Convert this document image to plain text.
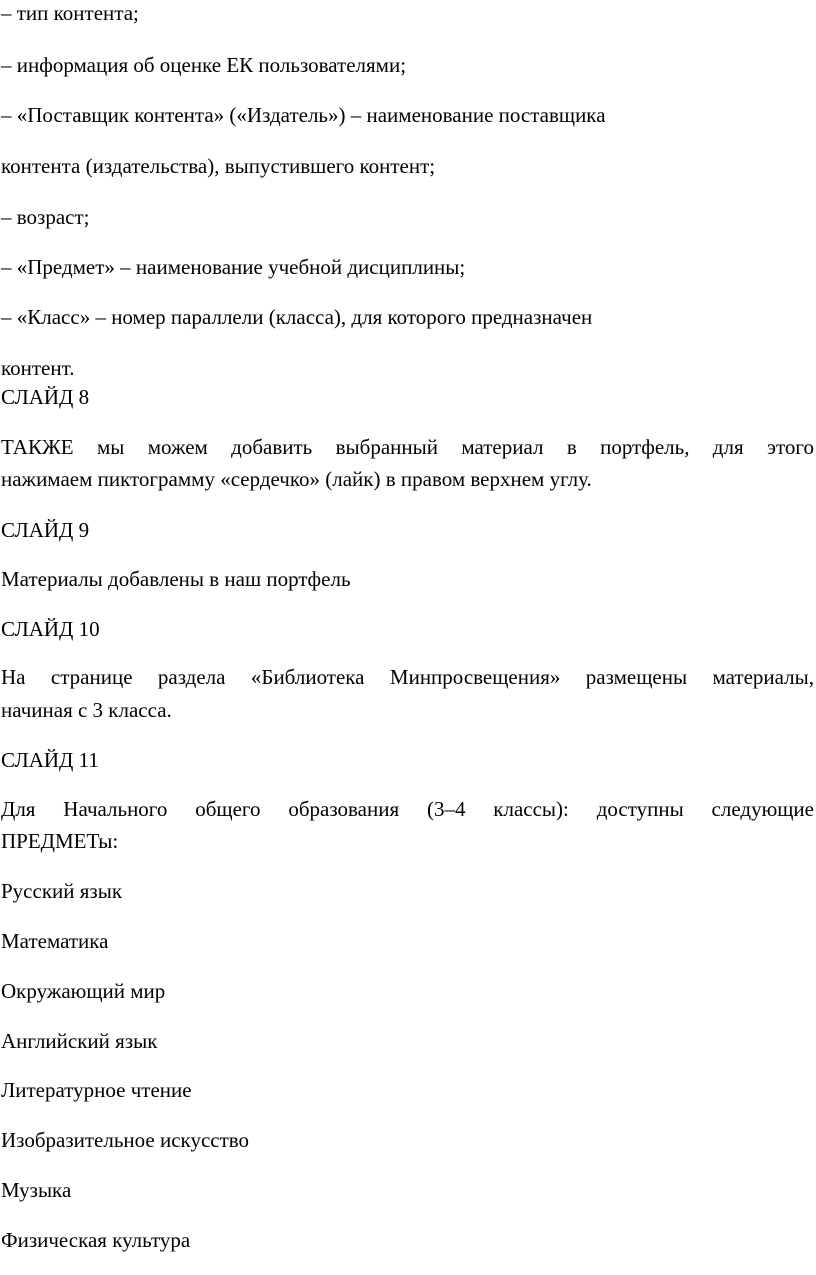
– тип контента;
– информация об оценке ЕК пользователями;
– «Поставщик контента» («Издатель») – наименование поставщика
контента (издательства), выпустившего контент;
– возраст;
– «Предмет» – наименование учебной дисциплины;
– «Класс» – номер параллели (класса), для которого предназначен
контент.
СЛАЙД 8
ТАКЖЕ мы можем добавить выбранный материал в портфель, для этого
нажимаем пиктограмму «сердечко» (лайк) в правом верхнем углу.
СЛАЙД 9
Материалы добавлены в наш портфель
СЛАЙД 10
На странице раздела «Библиотека Минпросвещения» размещены материалы,
начиная с 3 класса.
СЛАЙД 11
Для Начального общего образования (3–4 классы): доступны следующие
ПРЕДМЕТы:
Русский язык
Математика
Окружающий мир
Английский язык
Литературное чтение
Изобразительное искусство
Музыка
Физическая культура
